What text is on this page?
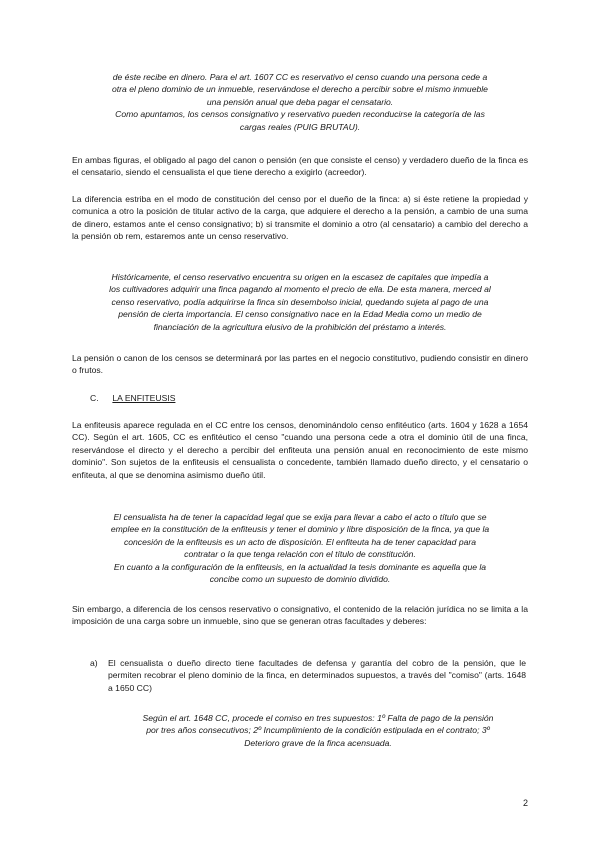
de éste recibe en dinero. Para el art. 1607 CC es reservativo el censo cuando una persona cede a
otra el pleno dominio de un inmueble, reservándose el derecho a percibir sobre el mismo inmueble
una pensión anual que deba pagar el censatario.
Como apuntamos, los censos consignativo y reservativo pueden reconducirse la categoría de las
cargas reales (PUIG BRUTAU).

En ambas figuras, el obligado al pago del canon o pensión (en que consiste el censo) y verdadero dueño de la finca es el censatario, siendo el censualista el que tiene derecho a exigirlo (acreedor).

La diferencia estriba en el modo de constitución del censo por el dueño de la finca: a) si éste retiene la propiedad y comunica a otro la posición de titular activo de la carga, que adquiere el derecho a la pensión, a cambio de una suma de dinero, estamos ante el censo consignativo; b) si transmite el dominio a otro (al censatario) a cambio del derecho a la pensión ob rem, estaremos ante un censo reservativo.

Históricamente, el censo reservativo encuentra su origen en la escasez de capitales que impedía a
los cultivadores adquirir una finca pagando al momento el precio de ella. De esta manera, merced al
censo reservativo, podía adquirirse la finca sin desembolso inicial, quedando sujeta al pago de una
pensión de cierta importancia. El censo consignativo nace en la Edad Media como un medio de
financiación de la agricultura elusivo de la prohibición del préstamo a interés.

La pensión o canon de los censos se determinará por las partes en el negocio constitutivo, pudiendo consistir en dinero o frutos.

C. LA ENFITEUSIS

La enfiteusis aparece regulada en el CC entre los censos, denominándolo censo enfitéutico (arts. 1604 y 1628 a 1654 CC). Según el art. 1605, CC es enfitéutico el censo "cuando una persona cede a otra el dominio útil de una finca, reservándose el directo y el derecho a percibir del enfiteuta una pensión anual en reconocimiento de este mismo dominio". Son sujetos de la enfiteusis el censualista o concedente, también llamado dueño directo, y el censatario o enfiteuta, al que se denomina asimismo dueño útil.

El censualista ha de tener la capacidad legal que se exija para llevar a cabo el acto o título que se
emplee en la constitución de la enfiteusis y tener el dominio y libre disposición de la finca, ya que la
concesión de la enfiteusis es un acto de disposición. El enfiteuta ha de tener capacidad para
contratar o la que tenga relación con el título de constitución.
En cuanto a la configuración de la enfiteusis, en la actualidad la tesis dominante es aquella que la
concibe como un supuesto de dominio dividido.

Sin embargo, a diferencia de los censos reservativo o consignativo, el contenido de la relación jurídica no se limita a la imposición de una carga sobre un inmueble, sino que se generan otras facultades y deberes:

a) El censualista o dueño directo tiene facultades de defensa y garantía del cobro de la pensión, que le permiten recobrar el pleno dominio de la finca, en determinados supuestos, a través del "comiso" (arts. 1648 a 1650 CC)
Según el art. 1648 CC, procede el comiso en tres supuestos: 1º Falta de pago de la pensión
por tres años consecutivos; 2º Incumplimiento de la condición estipulada en el contrato; 3º
Deterioro grave de la finca acensuada.
2
